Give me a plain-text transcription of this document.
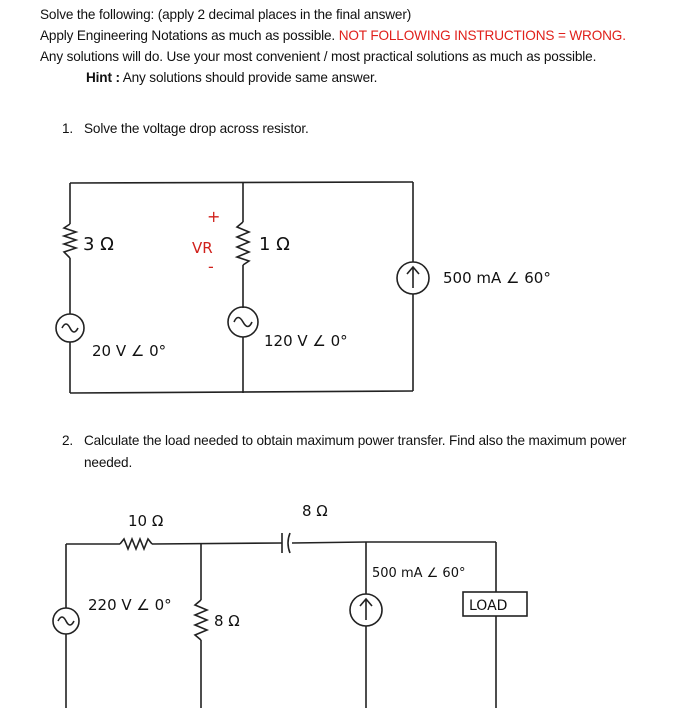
Solve the following: (apply 2 decimal places in the final answer)
Apply Engineering Notations as much as possible. NOT FOLLOWING INSTRUCTIONS = WRONG.
Any solutions will do. Use your most convenient / most practical solutions as much as possible.
Hint : Any solutions should provide same answer.
1. Solve the voltage drop across resistor.
2. Calculate the load needed to obtain maximum power transfer. Find also the maximum power
needed.
3 Ω	1 Ω
+
VR
-
20 V ∠ 0°
120 V ∠ 0°
500 mA ∠ 60°
10 Ω
8 Ω
220 V ∠ 0°
8 Ω
500 mA ∠ 60°
LOAD
